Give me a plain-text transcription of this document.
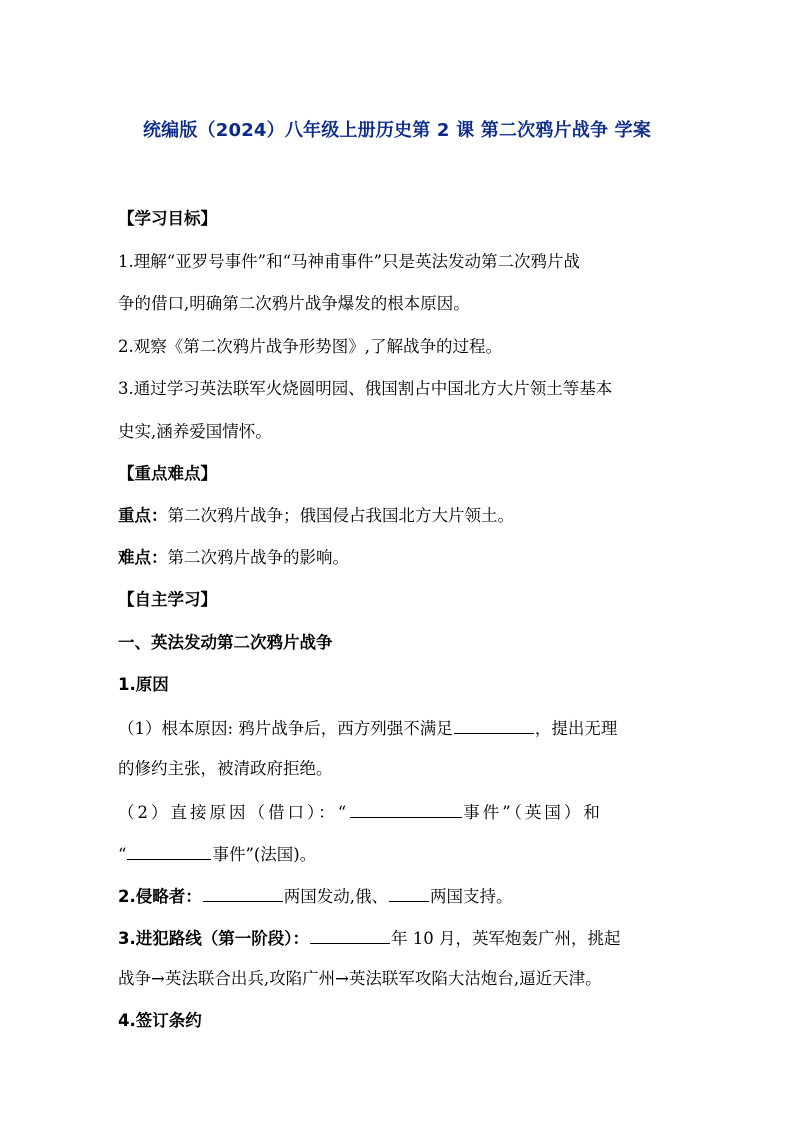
统编版（2024）八年级上册历史第 2 课 第二次鸦片战争 学案
【学习目标】
1.理解“亚罗号事件”和“马神甫事件”只是英法发动第二次鸦片战
争的借口,明确第二次鸦片战争爆发的根本原因。
2.观察《第二次鸦片战争形势图》,了解战争的过程。
3.通过学习英法联军火烧圆明园、俄国割占中国北方大片领土等基本
史实,涵养爱国情怀。
【重点难点】
重点：第二次鸦片战争；俄国侵占我国北方大片领土。
难点：第二次鸦片战争的影响。
【自主学习】
一、英法发动第二次鸦片战争
1.原因
（1）根本原因: 鸦片战争后，西方列强不满足	，提出无理
的修约主张，被清政府拒绝。
（2）直接原因（借口）：“	事件”（英国）和
“	事件”(法国)。
2.侵略者：	两国发动,俄、	两国支持。
3.进犯路线（第一阶段）：	年 10 月，英军炮轰广州，挑起
战争→英法联合出兵,攻陷广州→英法联军攻陷大沽炮台,逼近天津。
4.签订条约
